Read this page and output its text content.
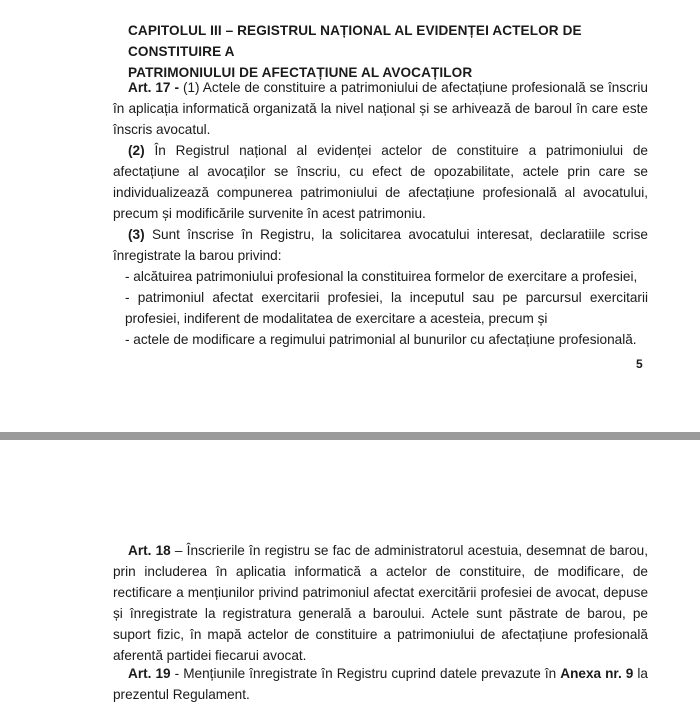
CAPITOLUL III – REGISTRUL NAȚIONAL AL EVIDENȚEI ACTELOR DE CONSTITUIRE A
PATRIMONIULUI DE AFECTAȚIUNE AL AVOCAȚILOR

Art. 17 - (1) Actele de constituire a patrimoniului de afectațiune profesională se înscriu în aplicația informatică organizată la nivel național și se arhivează de baroul în care este înscris avocatul.

(2) În Registrul național al evidenței actelor de constituire a patrimoniului de afectațiune al avocaților se înscriu, cu efect de opozabilitate, actele prin care se individualizează compunerea patrimoniului de afectațiune profesională al avocatului, precum și modificările survenite în acest patrimoniu.

(3) Sunt înscrise în Registru, la solicitarea avocatului interesat, declaratiile scrise înregistrate la barou privind:

- alcătuirea patrimoniului profesional la constituirea formelor de exercitare a profesiei,
- patrimoniul afectat exercitarii profesiei, la inceputul sau pe parcursul exercitarii profesiei, indiferent de modalitatea de exercitare a acesteia, precum și
- actele de modificare a regimului patrimonial al bunurilor cu afectațiune profesională.
5

Art. 18 – Înscrierile în registru se fac de administratorul acestuia, desemnat de barou, prin includerea în aplicatia informatică a actelor de constituire, de modificare, de rectificare a mențiunilor privind patrimoniul afectat exercitării profesiei de avocat, depuse și înregistrate la registratura generală a baroului. Actele sunt păstrate de barou, pe suport fizic, în mapă actelor de constituire a patrimoniului de afectațiune profesională aferentă partidei fiecarui avocat.

Art. 19 - Mențiunile înregistrate în Registru cuprind datele prevazute în Anexa nr. 9 la prezentul Regulament.
